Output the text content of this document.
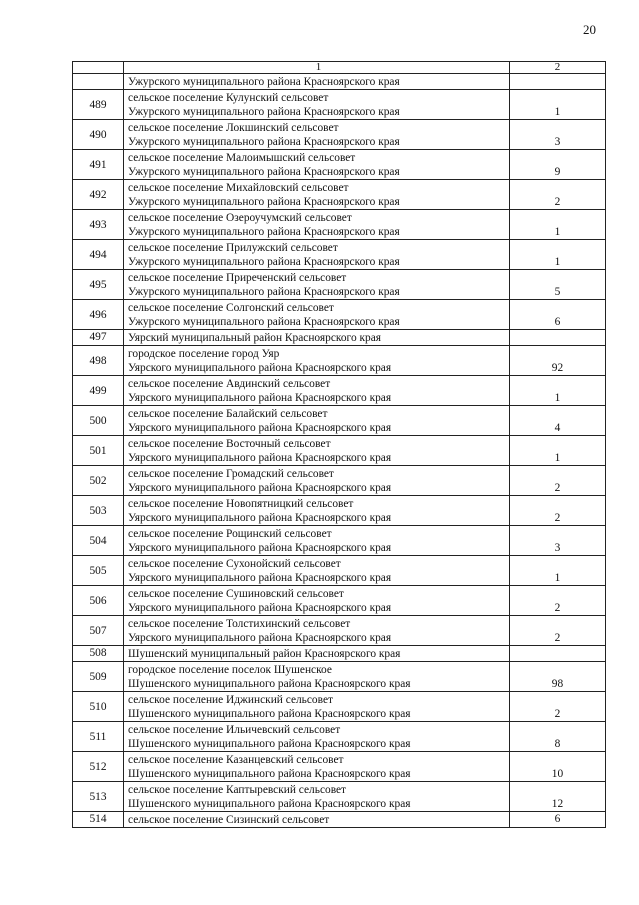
20
	1	2

	Ужурского муниципального района Красноярского края	

489	сельское поселение Кулунский сельсовет
Ужурского муниципального района Красноярского края	1
490	сельское поселение Локшинский сельсовет
Ужурского муниципального района Красноярского края	3
491	сельское поселение Малоимышский сельсовет
Ужурского муниципального района Красноярского края	9
492	сельское поселение Михайловский сельсовет
Ужурского муниципального района Красноярского края	2
493	сельское поселение Озероучумский сельсовет
Ужурского муниципального района Красноярского края	1
494	сельское поселение Прилужский сельсовет
Ужурского муниципального района Красноярского края	1
495	сельское поселение Приреченский сельсовет
Ужурского муниципального района Красноярского края	5
496	сельское поселение Солгонский сельсовет
Ужурского муниципального района Красноярского края	6
497	Уярский муниципальный район Красноярского края	

498	городское поселение город Уяр
Уярского муниципального района Красноярского края	92
499	сельское поселение Авдинский сельсовет
Уярского муниципального района Красноярского края	1
500	сельское поселение Балайский сельсовет
Уярского муниципального района Красноярского края	4
501	сельское поселение Восточный сельсовет
Уярского муниципального района Красноярского края	1
502	сельское поселение Громадский сельсовет
Уярского муниципального района Красноярского края	2
503	сельское поселение Новопятницкий сельсовет
Уярского муниципального района Красноярского края	2
504	сельское поселение Рощинский сельсовет
Уярского муниципального района Красноярского края	3
505	сельское поселение Сухонойский сельсовет
Уярского муниципального района Красноярского края	1
506	сельское поселение Сушиновский сельсовет
Уярского муниципального района Красноярского края	2
507	сельское поселение Толстихинский сельсовет
Уярского муниципального района Красноярского края	2
508	Шушенский муниципальный район Красноярского края	

509	городское поселение поселок Шушенское
Шушенского муниципального района Красноярского края	98
510	сельское поселение Иджинский сельсовет
Шушенского муниципального района Красноярского края	2
511	сельское поселение Ильичевский сельсовет
Шушенского муниципального района Красноярского края	8
512	сельское поселение Казанцевский сельсовет
Шушенского муниципального района Красноярского края	10
513	сельское поселение Каптыревский сельсовет
Шушенского муниципального района Красноярского края	12
514	сельское поселение Сизинский сельсовет	6
